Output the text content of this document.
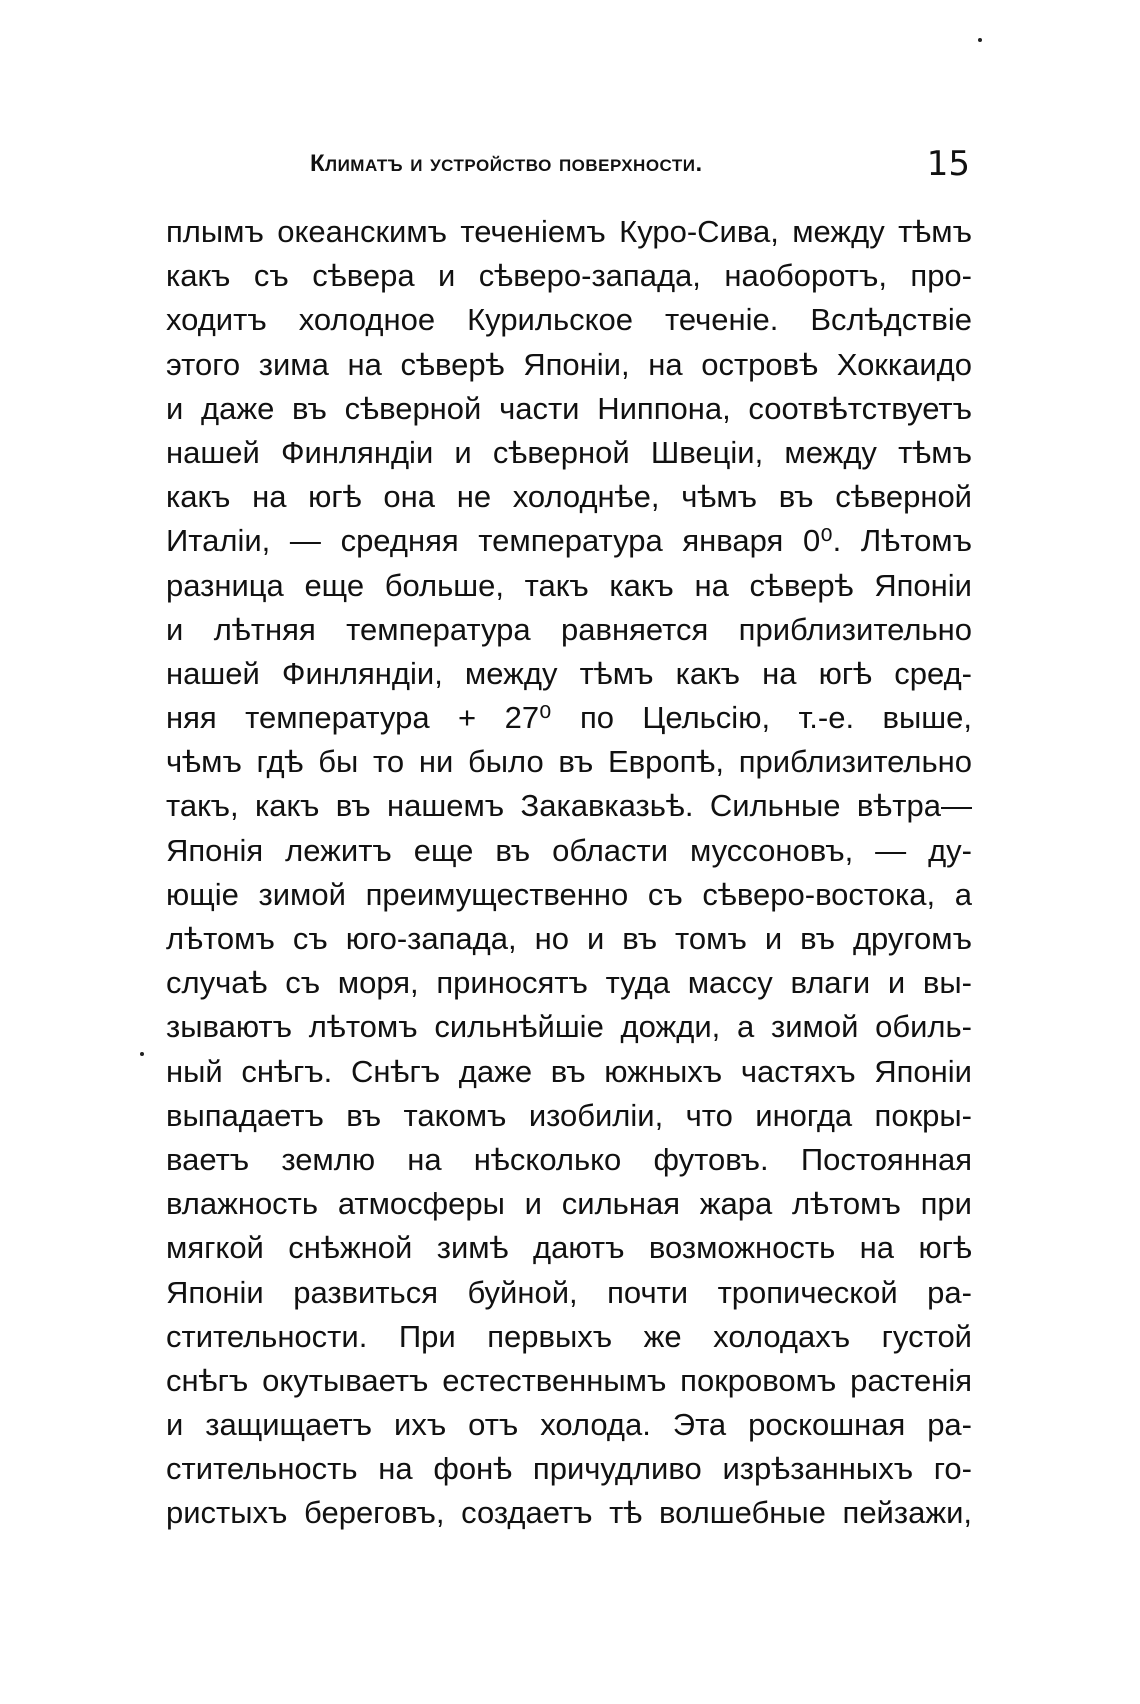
Климатъ и устройство поверхности.	15
плымъ океанскимъ теченіемъ Куро-Сива, между тѣмъ
какъ съ сѣвера и сѣверо-запада, наоборотъ, про-
ходитъ холодное Курильское теченіе. Вслѣдствіе
этого зима на сѣверѣ Японіи, на островѣ Хоккаидо
и даже въ сѣверной части Ниппона, соотвѣтствуетъ
нашей Финляндіи и сѣверной Швеціи, между тѣмъ
какъ на югѣ она не холоднѣе, чѣмъ въ сѣверной
Италіи, — средняя температура января 0⁰. Лѣтомъ
разница еще больше, такъ какъ на сѣверѣ Японіи
и лѣтняя температура равняется приблизительно
нашей Финляндіи, между тѣмъ какъ на югѣ сред-
няя температура + 27⁰ по Цельсію, т.-е. выше,
чѣмъ гдѣ бы то ни было въ Европѣ, приблизительно
такъ, какъ въ нашемъ Закавказьѣ. Сильные вѣтра—
Японія лежитъ еще въ области муссоновъ, — ду-
ющіе зимой преимущественно съ сѣверо-востока, а
лѣтомъ съ юго-запада, но и въ томъ и въ другомъ
случаѣ съ моря, приносятъ туда массу влаги и вы-
зываютъ лѣтомъ сильнѣйшіе дожди, а зимой обиль-
ный снѣгъ. Снѣгъ даже въ южныхъ частяхъ Японіи
выпадаетъ въ такомъ изобиліи, что иногда покры-
ваетъ землю на нѣсколько футовъ. Постоянная
влажность атмосферы и сильная жара лѣтомъ при
мягкой снѣжной зимѣ даютъ возможность на югѣ
Японіи развиться буйной, почти тропической ра-
стительности. При первыхъ же холодахъ густой
снѣгъ окутываетъ естественнымъ покровомъ растенія
и защищаетъ ихъ отъ холода. Эта роскошная ра-
стительность на фонѣ причудливо изрѣзанныхъ го-
ристыхъ береговъ, создаетъ тѣ волшебные пейзажи,
